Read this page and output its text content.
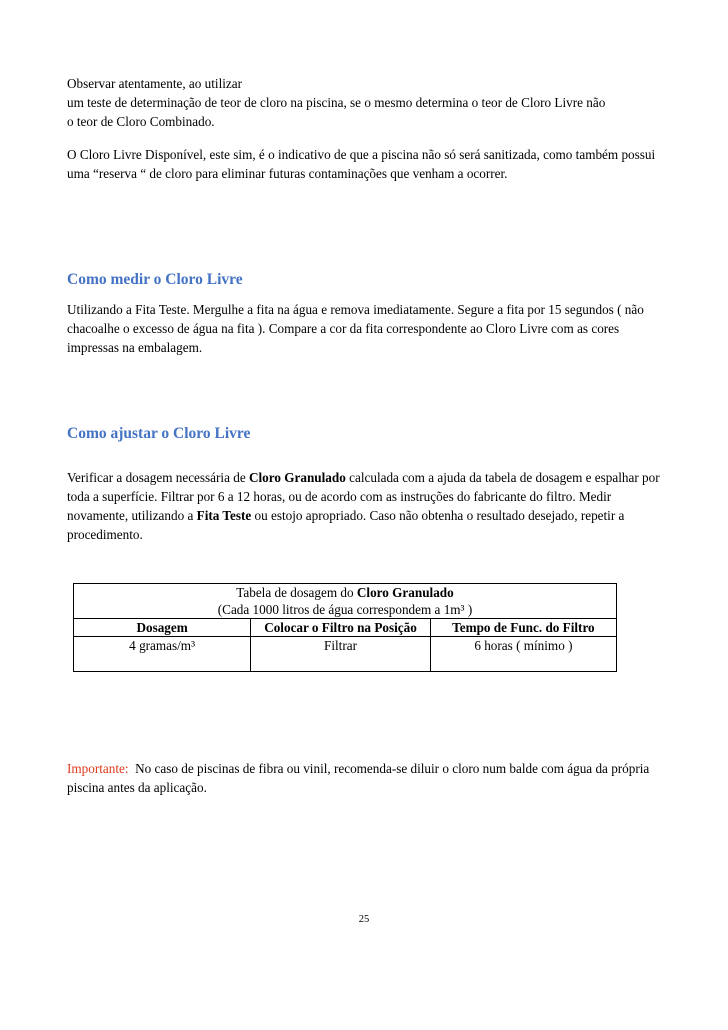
Observar atentamente, ao utilizar
um teste de determinação de teor de cloro na piscina, se o mesmo determina o teor de Cloro Livre não
o teor de Cloro Combinado.

O Cloro Livre Disponível, este sim, é o indicativo de que a piscina não só será sanitizada, como também possui uma “reserva “ de cloro para eliminar futuras contaminações que venham a ocorrer.

Como medir o Cloro Livre

Utilizando a Fita Teste. Mergulhe a fita na água e remova imediatamente. Segure a fita por 15 segundos ( não chacoalhe o excesso de água na fita ). Compare a cor da fita correspondente ao Cloro Livre com as cores impressas na embalagem.

Como ajustar o Cloro Livre

Verificar a dosagem necessária de Cloro Granulado calculada com a ajuda da tabela de dosagem e espalhar por toda a superfície. Filtrar por 6 a 12 horas, ou de acordo com as instruções do fabricante do filtro. Medir novamente, utilizando a Fita Teste ou estojo apropriado. Caso não obtenha o resultado desejado, repetir a procedimento.

Tabela de dosagem do Cloro Granulado
(Cada 1000 litros de água correspondem a 1m³ )		

Dosagem	Colocar o Filtro na Posição	Tempo de Func. do Filtro
4 gramas/m³	Filtrar	6 horas ( mínimo )

Importante:  No caso de piscinas de fibra ou vinil, recomenda-se diluir o cloro num balde com água da própria piscina antes da aplicação.

25
